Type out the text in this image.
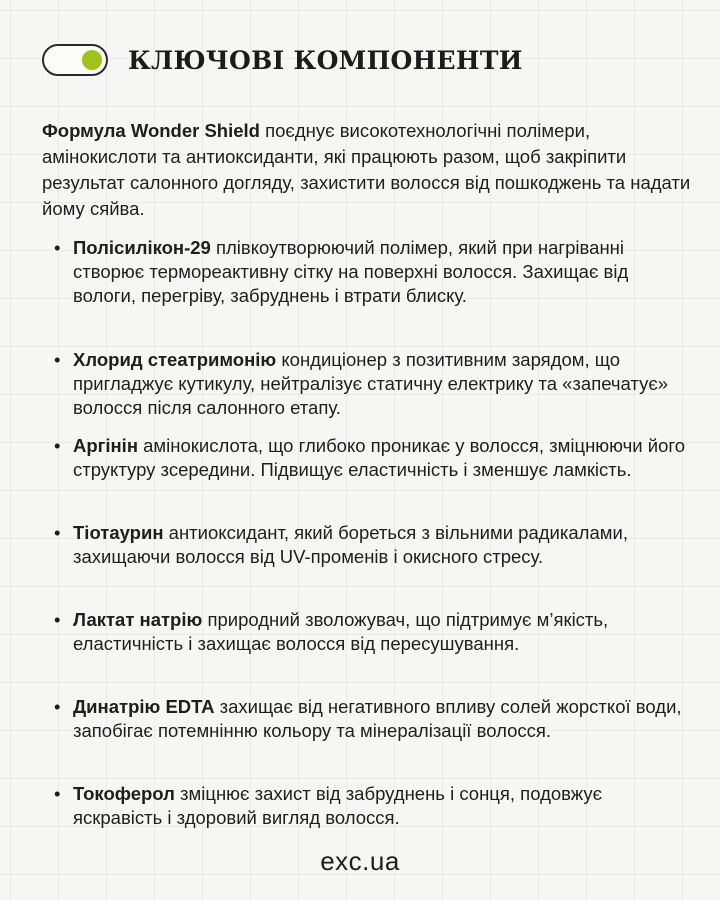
КЛЮЧОВІ КОМПОНЕНТИ

Формула Wonder Shield поєднує високотехнологічні полімери, амінокислоти та антиоксиданти, які працюють разом, щоб закріпити результат салонного догляду, захистити волосся від пошкоджень та надати йому сяйва.

• Полісилікон-29 плівкоутворюючий полімер, який при нагріванні створює термореактивну сітку на поверхні волосся. Захищає від вологи, перегріву, забруднень і втрати блиску.
• Хлорид стеатримонію кондиціонер з позитивним зарядом, що пригладжує кутикулу, нейтралізує статичну електрику та «запечатує» волосся після салонного етапу.
• Аргінін амінокислота, що глибоко проникає у волосся, зміцнюючи його структуру зсередини. Підвищує еластичність і зменшує ламкість.
• Тіотаурин антиоксидант, який бореться з вільними радикалами, захищаючи волосся від UV-променів і окисного стресу.
• Лактат натрію природний зволожувач, що підтримує м’якість, еластичність і захищає волосся від пересушування.
• Динатрію EDTA захищає від негативного впливу солей жорсткої води, запобігає потемнінню кольору та мінералізації волосся.
• Токоферол зміцнює захист від забруднень і сонця, подовжує яскравість і здоровий вигляд волосся.
exc.ua
